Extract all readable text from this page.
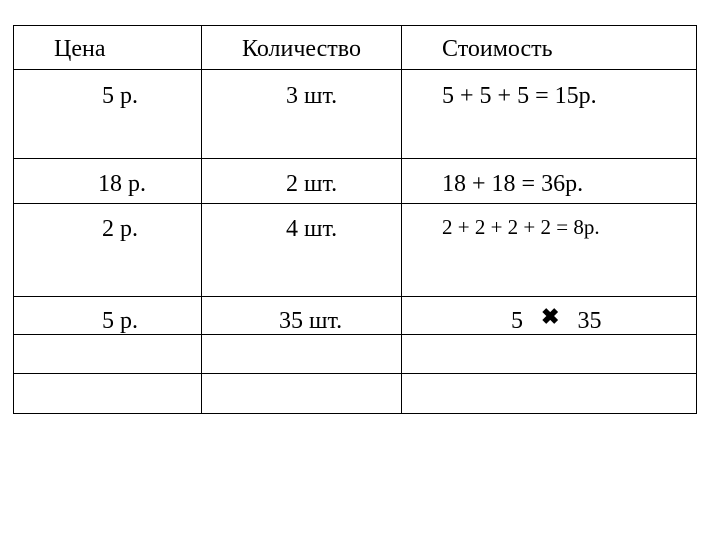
Цена	Количество	Стоимость
5 р.	3 шт.	5 + 5 + 5 = 15р.
18 р.	2 шт.	18 + 18 = 36р.
2 р.	4 шт.	2 + 2 + 2 + 2 = 8р.
5 р.	35 шт.	5 ✖ 35
